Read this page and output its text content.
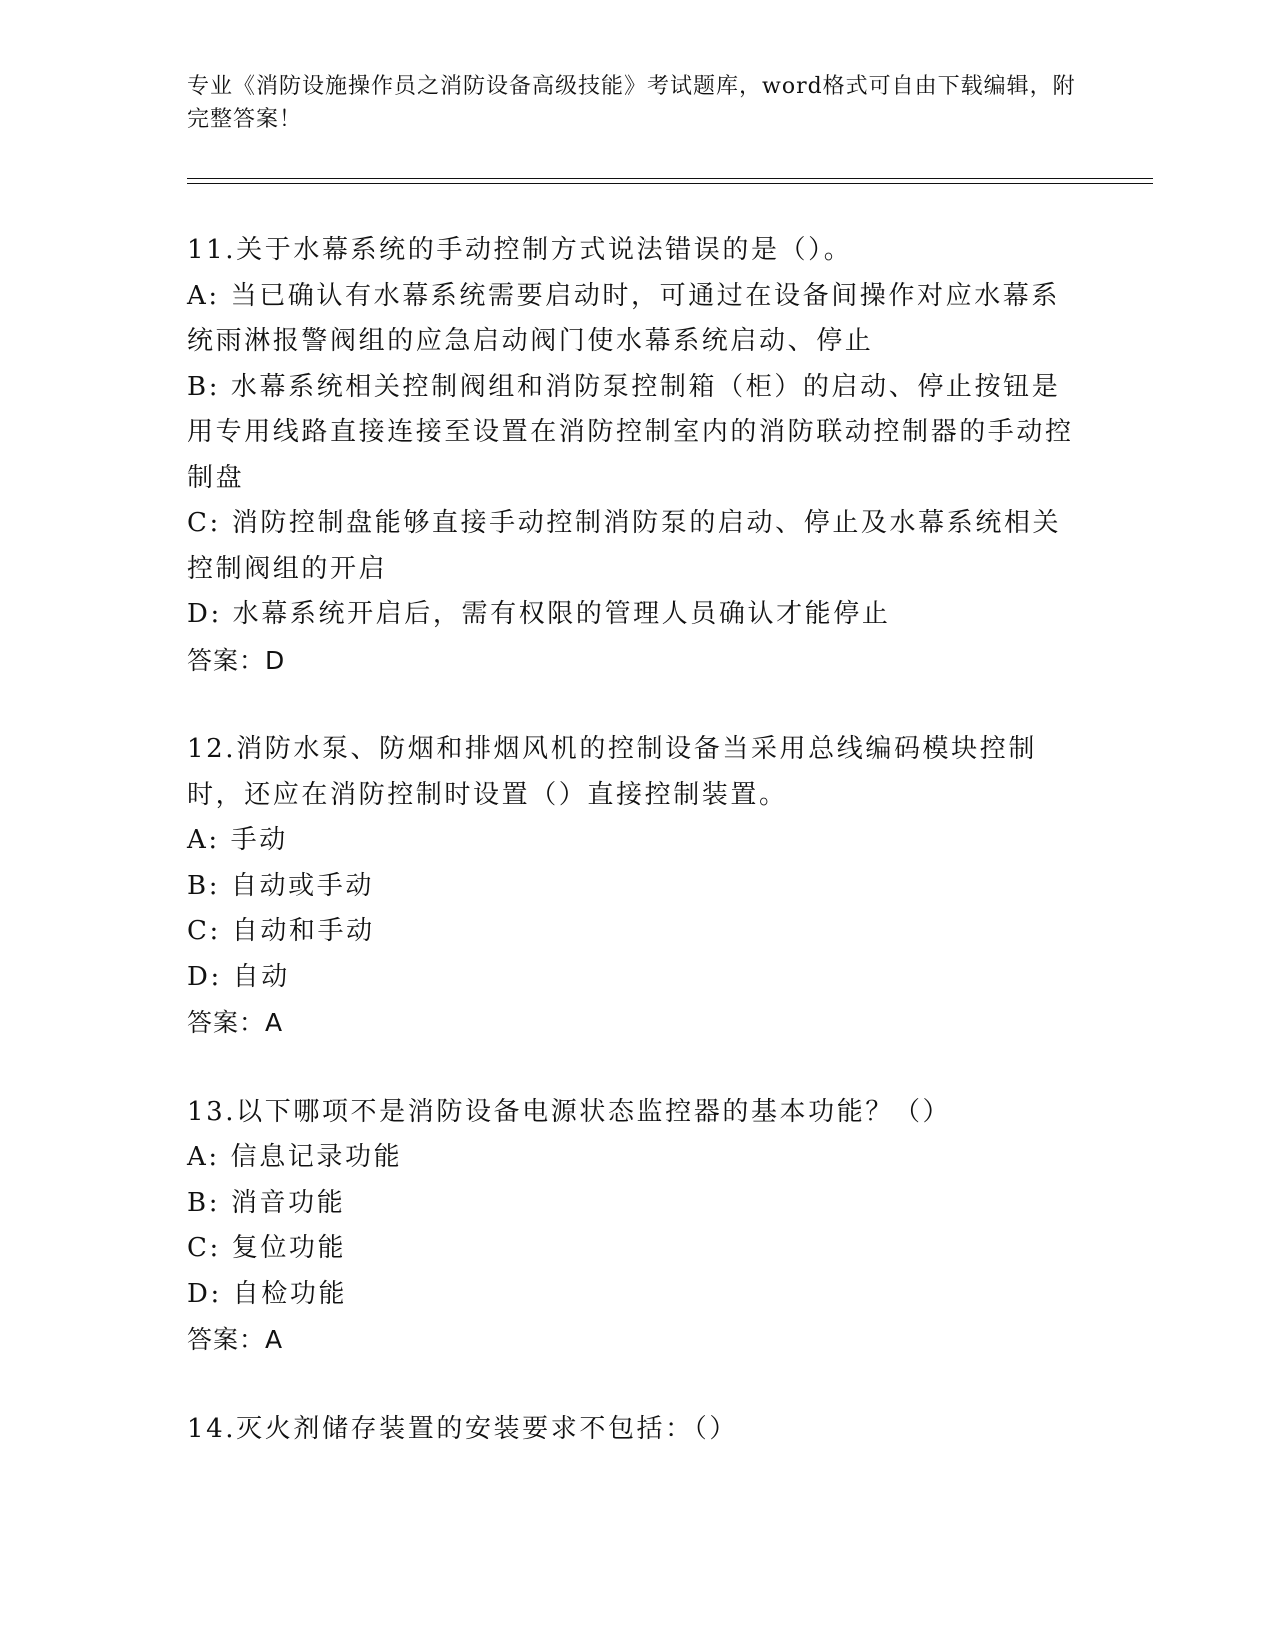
专业《消防设施操作员之消防设备高级技能》考试题库，word格式可自由下载编辑，附完整答案！
11.关于水幕系统的手动控制方式说法错误的是（）。
A: 当已确认有水幕系统需要启动时，可通过在设备间操作对应水幕系统雨淋报警阀组的应急启动阀门使水幕系统启动、停止
B: 水幕系统相关控制阀组和消防泵控制箱（柜）的启动、停止按钮是用专用线路直接连接至设置在消防控制室内的消防联动控制器的手动控制盘
C: 消防控制盘能够直接手动控制消防泵的启动、停止及水幕系统相关控制阀组的开启
D: 水幕系统开启后，需有权限的管理人员确认才能停止
答案：D
12.消防水泵、防烟和排烟风机的控制设备当采用总线编码模块控制时，还应在消防控制时设置（）直接控制装置。
A: 手动
B: 自动或手动
C: 自动和手动
D: 自动
答案：A
13.以下哪项不是消防设备电源状态监控器的基本功能？（）
A: 信息记录功能
B: 消音功能
C: 复位功能
D: 自检功能
答案：A
14.灭火剂储存装置的安装要求不包括：（）
